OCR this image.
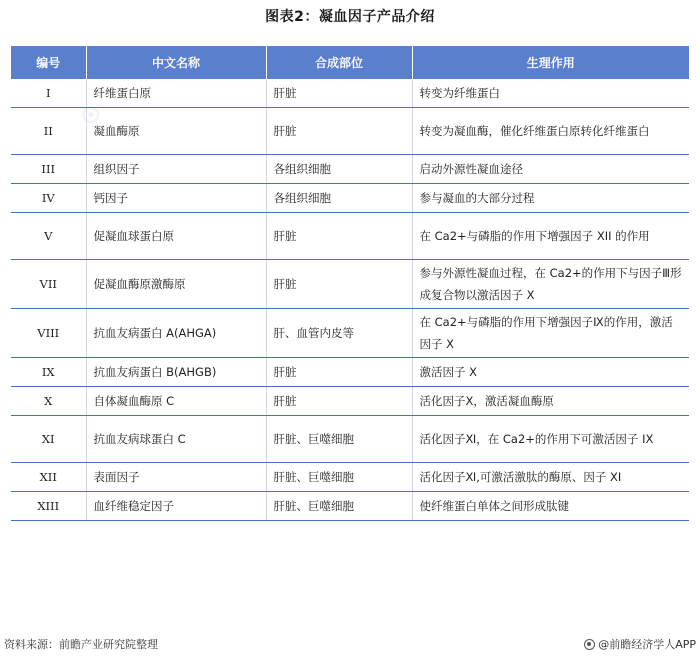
图表2：凝血因子产品介绍
⊙
编号	中文名称	合成部位	生理作用
I	纤维蛋白原	肝脏	转变为纤维蛋白
II	凝血酶原	肝脏	转变为凝血酶，催化纤维蛋白原转化纤维蛋白
III	组织因子	各组织细胞	启动外源性凝血途径
IV	钙因子	各组织细胞	参与凝血的大部分过程
V	促凝血球蛋白原	肝脏	在 Ca2+与磷脂的作用下增强因子 XII 的作用
VII	促凝血酶原激酶原	肝脏	参与外源性凝血过程，在 Ca2+的作用下与因子Ⅲ形成复合物以激活因子 X
VIII	抗血友病蛋白 A(AHGA)	肝、血管内皮等	在 Ca2+与磷脂的作用下增强因子Ⅸ的作用，激活因子 X
IX	抗血友病蛋白 B(AHGB)	肝脏	激活因子 X
X	自体凝血酶原 C	肝脏	活化因子Ⅹ，激活凝血酶原
XI	抗血友病球蛋白 C	肝脏、巨噬细胞	活化因子Ⅺ，在 Ca2+的作用下可激活因子 IX
XII	表面因子	肝脏、巨噬细胞	活化因子Ⅺ,可激活激肽的酶原、因子 XI
XIII	血纤维稳定因子	肝脏、巨噬细胞	使纤维蛋白单体之间形成肽键
资料来源：前瞻产业研究院整理	@前瞻经济学人APP
